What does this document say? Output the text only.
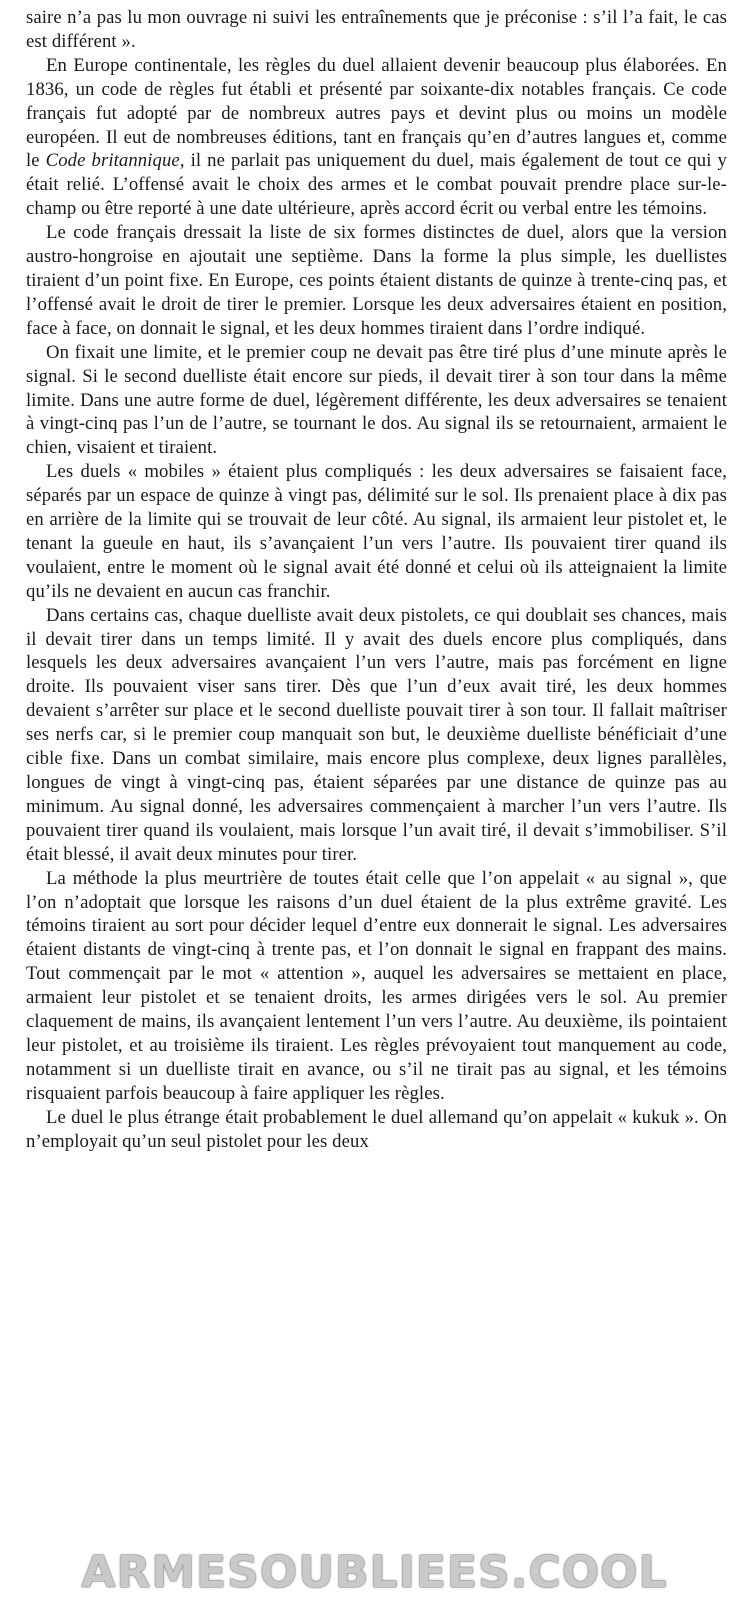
saire n’a pas lu mon ouvrage ni suivi les entraînements que je préconise : s’il l’a fait, le cas est différent ».

En Europe continentale, les règles du duel allaient devenir beaucoup plus élaborées. En 1836, un code de règles fut établi et présenté par soixante-dix notables français. Ce code français fut adopté par de nombreux autres pays et devint plus ou moins un modèle européen. Il eut de nombreuses éditions, tant en français qu’en d’autres langues et, comme le Code britannique, il ne parlait pas uniquement du duel, mais également de tout ce qui y était relié. L’offensé avait le choix des armes et le combat pouvait prendre place sur-le-champ ou être reporté à une date ultérieure, après accord écrit ou verbal entre les témoins.

Le code français dressait la liste de six formes distinctes de duel, alors que la version austro-hongroise en ajoutait une septième. Dans la forme la plus simple, les duellistes tiraient d’un point fixe. En Europe, ces points étaient distants de quinze à trente-cinq pas, et l’offensé avait le droit de tirer le premier. Lorsque les deux adversaires étaient en position, face à face, on donnait le signal, et les deux hommes tiraient dans l’ordre indiqué.

On fixait une limite, et le premier coup ne devait pas être tiré plus d’une minute après le signal. Si le second duelliste était encore sur pieds, il devait tirer à son tour dans la même limite. Dans une autre forme de duel, légèrement différente, les deux adversaires se tenaient à vingt-cinq pas l’un de l’autre, se tournant le dos. Au signal ils se retournaient, armaient le chien, visaient et tiraient.

Les duels « mobiles » étaient plus compliqués : les deux adversaires se faisaient face, séparés par un espace de quinze à vingt pas, délimité sur le sol. Ils prenaient place à dix pas en arrière de la limite qui se trouvait de leur côté. Au signal, ils armaient leur pistolet et, le tenant la gueule en haut, ils s’avançaient l’un vers l’autre. Ils pouvaient tirer quand ils voulaient, entre le moment où le signal avait été donné et celui où ils atteignaient la limite qu’ils ne devaient en aucun cas franchir.

Dans certains cas, chaque duelliste avait deux pistolets, ce qui doublait ses chances, mais il devait tirer dans un temps limité. Il y avait des duels encore plus compliqués, dans lesquels les deux adversaires avançaient l’un vers l’autre, mais pas forcément en ligne droite. Ils pouvaient viser sans tirer. Dès que l’un d’eux avait tiré, les deux hommes devaient s’arrêter sur place et le second duelliste pouvait tirer à son tour. Il fallait maîtriser ses nerfs car, si le premier coup manquait son but, le deuxième duelliste bénéficiait d’une cible fixe. Dans un combat similaire, mais encore plus complexe, deux lignes parallèles, longues de vingt à vingt-cinq pas, étaient séparées par une distance de quinze pas au minimum. Au signal donné, les adversaires commençaient à marcher l’un vers l’autre. Ils pouvaient tirer quand ils voulaient, mais lorsque l’un avait tiré, il devait s’immobiliser. S’il était blessé, il avait deux minutes pour tirer.

La méthode la plus meurtrière de toutes était celle que l’on appelait « au signal », que l’on n’adoptait que lorsque les raisons d’un duel étaient de la plus extrême gravité. Les témoins tiraient au sort pour décider lequel d’entre eux donnerait le signal. Les adversaires étaient distants de vingt-cinq à trente pas, et l’on donnait le signal en frappant des mains. Tout commençait par le mot « attention », auquel les adversaires se mettaient en place, armaient leur pistolet et se tenaient droits, les armes dirigées vers le sol. Au premier claquement de mains, ils avançaient lentement l’un vers l’autre. Au deuxième, ils pointaient leur pistolet, et au troisième ils tiraient. Les règles prévoyaient tout manquement au code, notamment si un duelliste tirait en avance, ou s’il ne tirait pas au signal, et les témoins risquaient parfois beaucoup à faire appliquer les règles.

Le duel le plus étrange était probablement le duel allemand qu’on appelait « kukuk ». On n’employait qu’un seul pistolet pour les deux

ARMESOUBLIEES.COOL
